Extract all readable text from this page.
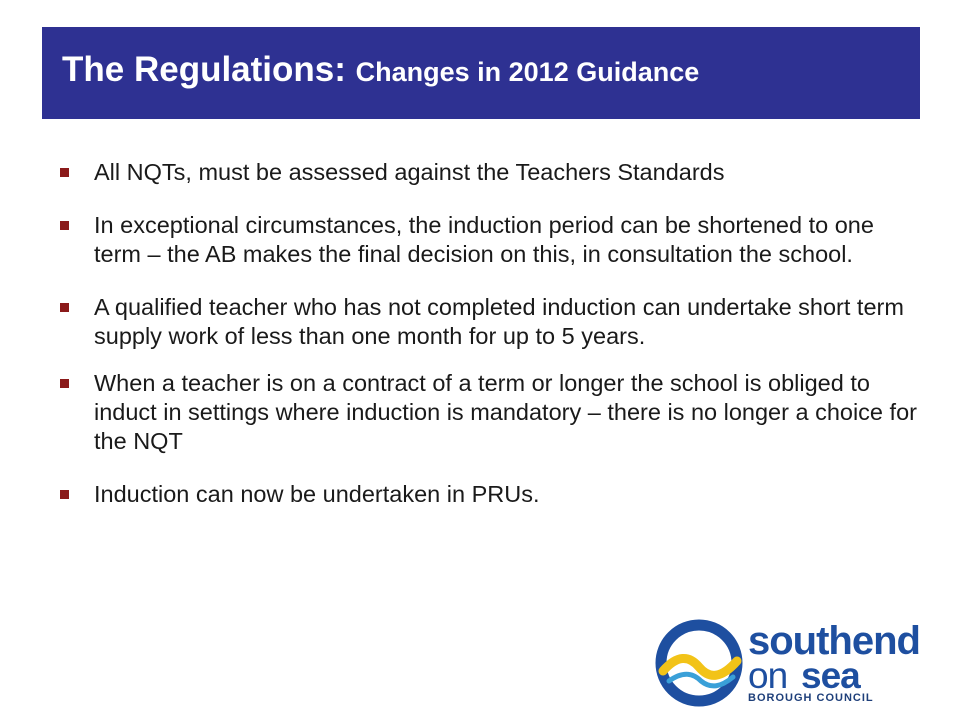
The Regulations: Changes in 2012 Guidance
All NQTs, must be assessed against the Teachers Standards
In exceptional circumstances, the induction period can be shortened to one term – the AB makes the final decision on this, in consultation the school.
A qualified teacher who has not completed induction can undertake short term supply work of less than one month for up to 5 years.
When a teacher is on a contract of a term or longer the school is obliged to induct in settings where induction is mandatory – there is no longer a choice for the NQT
Induction can now be undertaken in PRUs.
southend
on sea
BOROUGH COUNCIL
